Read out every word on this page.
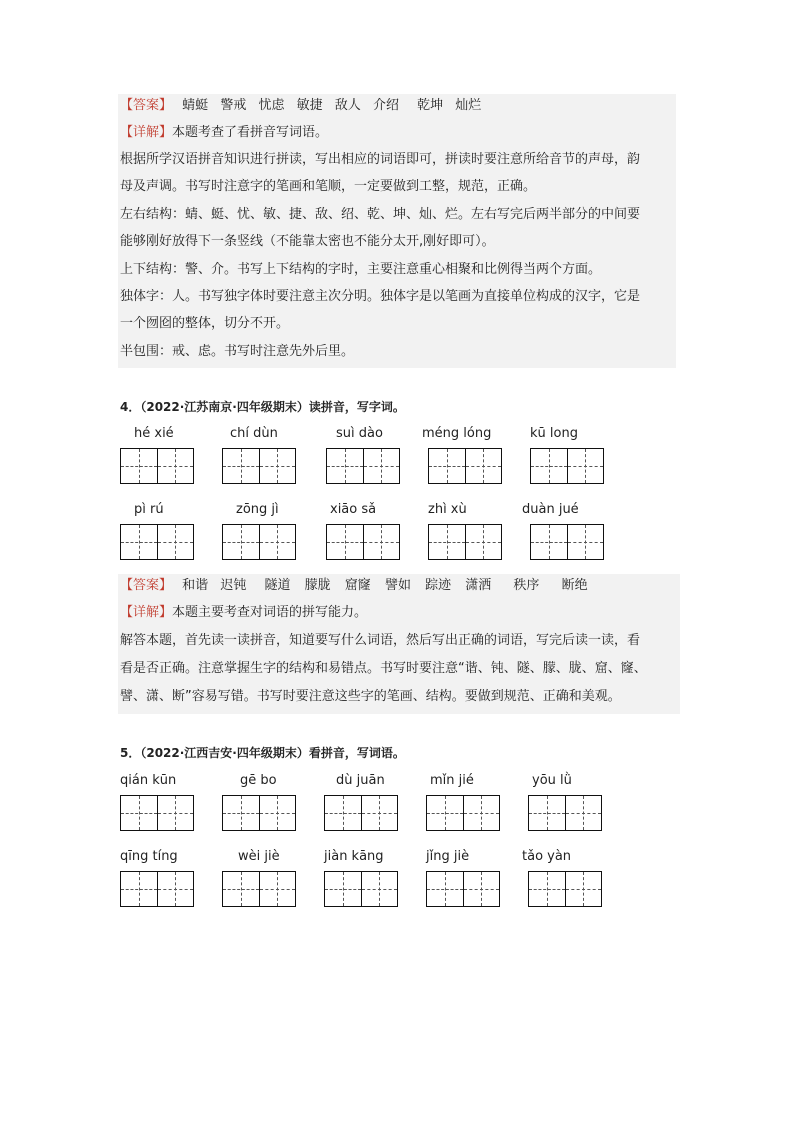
【答案】 蜻蜓 警戒 忧虑 敏捷 敌人 介绍 乾坤 灿烂
【详解】本题考查了看拼音写词语。
根据所学汉语拼音知识进行拼读，写出相应的词语即可，拼读时要注意所给音节的声母，韵
母及声调。书写时注意字的笔画和笔顺，一定要做到工整，规范，正确。
左右结构：蜻、蜓、忧、敏、捷、敌、绍、乾、坤、灿、烂。左右写完后两半部分的中间要
能够刚好放得下一条竖线（不能靠太密也不能分太开,刚好即可）。
上下结构：警、介。书写上下结构的字时，主要注意重心相聚和比例得当两个方面。
独体字：人。书写独字体时要注意主次分明。独体字是以笔画为直接单位构成的汉字，它是
一个囫囵的整体，切分不开。
半包围：戒、虑。书写时注意先外后里。
4．（2022·江苏南京·四年级期末）读拼音，写字词。
hé xié	chí dùn	suì dào	méng lóng	kū long
pì rú	zōng jì	xiāo sǎ	zhì xù	duàn jué
【答案】 和谐 迟钝 隧道 朦胧 窟窿 譬如 踪迹 潇洒 秩序 断绝
【详解】本题主要考查对词语的拼写能力。
解答本题，首先读一读拼音，知道要写什么词语，然后写出正确的词语，写完后读一读，看
看是否正确。注意掌握生字的结构和易错点。书写时要注意“谐、钝、隧、朦、胧、窟、窿、
譬、潇、断”容易写错。书写时要注意这些字的笔画、结构。要做到规范、正确和美观。
5．（2022·江西吉安·四年级期末）看拼音，写词语。
qián kūn	gē bo	dù juān	mǐn jié	yōu lǜ
qīng tíng	wèi jiè	jiàn kāng	jǐng jiè	tǎo yàn
